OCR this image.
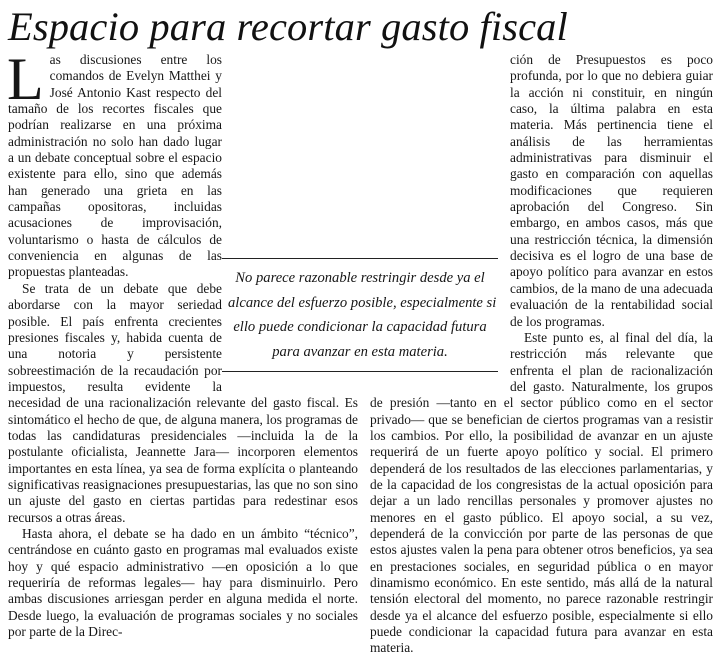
Espacio para recortar gasto fiscal

Las discusiones entre los comandos de Evelyn Matthei y José Antonio Kast respecto del tamaño de los recortes fiscales que podrían realizarse en una próxima administración no solo han dado lugar a un debate conceptual sobre el espacio existente para ello, sino que además han generado una grieta en las campañas opositoras, incluidas acusaciones de improvisación, voluntarismo o hasta de cálculos de conveniencia en algunas de las propuestas planteadas.

Se trata de un debate que debe abordarse con la mayor seriedad posible. El país enfrenta crecientes presiones fiscales y, habida cuenta de una notoria y persistente sobreestimación de la recaudación por impuestos, resulta evidente la necesidad de una racionalización relevante del gasto fiscal. Es sintomático el hecho de que, de alguna manera, los programas de todas las candidaturas presidenciales —incluida la de la postulante oficialista, Jeannette Jara— incorporen elementos importantes en esta línea, ya sea de forma explícita o planteando significativas reasignaciones presupuestarias, las que no son sino un ajuste del gasto en ciertas partidas para redestinar esos recursos a otras áreas.

Hasta ahora, el debate se ha dado en un ámbito “técnico”, centrándose en cuánto gasto en programas mal evaluados existe hoy y qué espacio administrativo —en oposición a lo que requeriría de reformas legales— hay para disminuirlo. Pero ambas discusiones arriesgan perder en alguna medida el norte. Desde luego, la evaluación de programas sociales y no sociales por parte de la Direc-

ción de Presupuestos es poco profunda, por lo que no debiera guiar la acción ni constituir, en ningún caso, la última palabra en esta materia. Más pertinencia tiene el análisis de las herramientas administrativas para disminuir el gasto en comparación con aquellas modificaciones que requieren aprobación del Congreso. Sin embargo, en ambos casos, más que una restricción técnica, la dimensión decisiva es el logro de una base de apoyo político para avanzar en estos cambios, de la mano de una adecuada evaluación de la rentabilidad social de los programas.

Este punto es, al final del día, la restricción más relevante que enfrenta el plan de racionalización del gasto. Naturalmente, los grupos de presión —tanto en el sector público como en el sector privado— que se benefician de ciertos programas van a resistir los cambios. Por ello, la posibilidad de avanzar en un ajuste requerirá de un fuerte apoyo político y social. El primero dependerá de los resultados de las elecciones parlamentarias, y de la capacidad de los congresistas de la actual oposición para dejar a un lado rencillas personales y promover ajustes no menores en el gasto público. El apoyo social, a su vez, dependerá de la convicción por parte de las personas de que estos ajustes valen la pena para obtener otros beneficios, ya sea en prestaciones sociales, en seguridad pública o en mayor dinamismo económico. En este sentido, más allá de la natural tensión electoral del momento, no parece razonable restringir desde ya el alcance del esfuerzo posible, especialmente si ello puede condicionar la capacidad futura para avanzar en esta materia.

No parece razonable restringir desde ya el
alcance del esfuerzo posible, especialmente si
ello puede condicionar la capacidad futura
para avanzar en esta materia.
